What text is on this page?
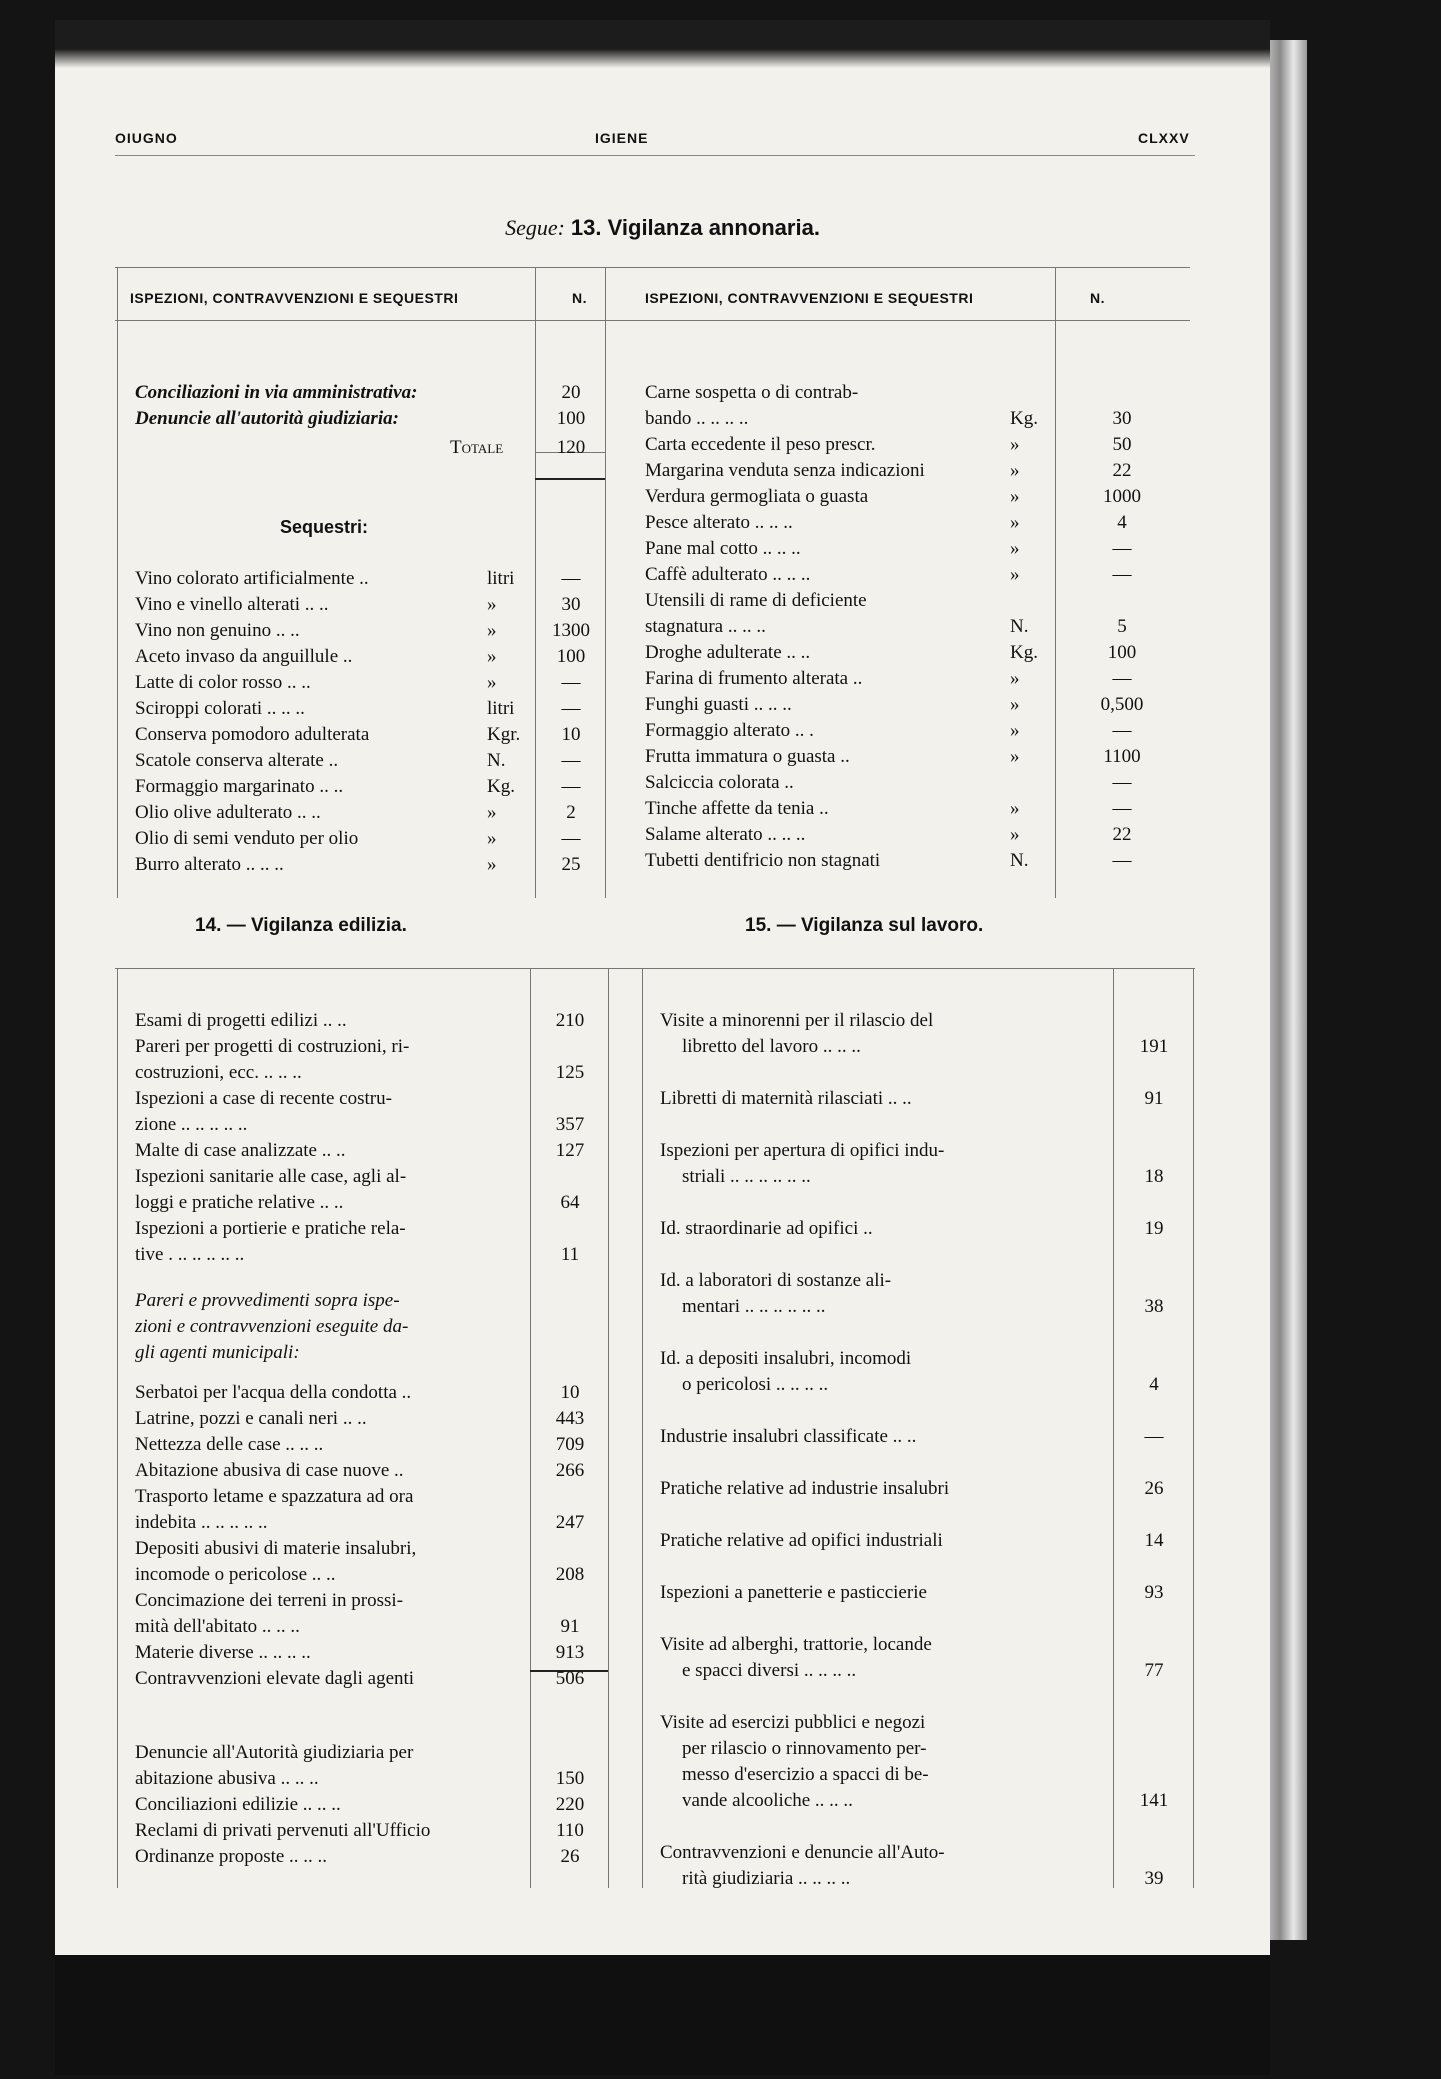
OIUGNO	IGIENE	CLXXV
Segue: 13. Vigilanza annonaria.
ISPEZIONI, CONTRAVVENZIONI E SEQUESTRI	N.	ISPEZIONI, CONTRAVVENZIONI E SEQUESTRI	N.
Conciliazioni in via amministrativa:	20
Denuncie all'autorità giudiziaria:	100
Totale	120
Sequestri:
Vino colorato artificialmente ..	litri	—
Vino e vinello alterati .. ..	»	30
Vino non genuino .. ..	»	1300
Aceto invaso da anguillule ..	»	100
Latte di color rosso .. ..	»	—
Sciroppi colorati .. .. ..	litri	—
Conserva pomodoro adulterata	Kgr.	10
Scatole conserva alterate ..	N.	—
Formaggio margarinato .. ..	Kg.	—
Olio olive adulterato .. ..	»	2
Olio di semi venduto per olio	»	—
Burro alterato .. .. ..	»	25
Carne sospetta o di contrab-
bando .. .. .. ..	Kg.	30
Carta eccedente il peso prescr.	»	50
Margarina venduta senza indicazioni	»	22
Verdura germogliata o guasta	»	1000
Pesce alterato .. .. ..	»	4
Pane mal cotto .. .. ..	»	—
Caffè adulterato .. .. ..	»	—
Utensili di rame di deficiente
stagnatura .. .. ..	N.	5
Droghe adulterate .. ..	Kg.	100
Farina di frumento alterata ..	»	—
Funghi guasti .. .. ..	»	0,500
Formaggio alterato .. .	»	—
Frutta immatura o guasta ..	»	1100
Salciccia colorata ..	—
Tinche affette da tenia ..	»	—
Salame alterato .. .. ..	»	22
Tubetti dentifricio non stagnati	N.	—
14. — Vigilanza edilizia.	15. — Vigilanza sul lavoro.
Esami di progetti edilizi .. ..	210
Pareri per progetti di costruzioni, ri-
costruzioni, ecc. .. .. ..	125
Ispezioni a case di recente costru-
zione .. .. .. .. ..	357
Malte di case analizzate .. ..	127
Ispezioni sanitarie alle case, agli al-
loggi e pratiche relative .. ..	64
Ispezioni a portierie e pratiche rela-
tive . .. .. .. .. ..	11
Pareri e provvedimenti sopra ispe-
zioni e contravvenzioni eseguite da-
gli agenti municipali:
Serbatoi per l'acqua della condotta ..	10
Latrine, pozzi e canali neri .. ..	443
Nettezza delle case .. .. ..	709
Abitazione abusiva di case nuove ..	266
Trasporto letame e spazzatura ad ora
indebita .. .. .. .. ..	247
Depositi abusivi di materie insalubri,
incomode o pericolose .. ..	208
Concimazione dei terreni in prossi-
mità dell'abitato .. .. ..	91
Materie diverse .. .. .. ..	913
Contravvenzioni elevate dagli agenti	506
Denuncie all'Autorità giudiziaria per
abitazione abusiva .. .. ..	150
Conciliazioni edilizie .. .. ..	220
Reclami di privati pervenuti all'Ufficio	110
Ordinanze proposte .. .. ..	26
Visite a minorenni per il rilascio del
libretto del lavoro .. .. ..	191
Libretti di maternità rilasciati .. ..	91
Ispezioni per apertura di opifici indu-
striali .. .. .. .. .. ..	18
Id. straordinarie ad opifici ..	19
Id. a laboratori di sostanze ali-
mentari .. .. .. .. .. ..	38
Id. a depositi insalubri, incomodi
o pericolosi .. .. .. ..	4
Industrie insalubri classificate .. ..	—
Pratiche relative ad industrie insalubri	26
Pratiche relative ad opifici industriali	14
Ispezioni a panetterie e pasticcierie	93
Visite ad alberghi, trattorie, locande
e spacci diversi .. .. .. ..	77
Visite ad esercizi pubblici e negozi
per rilascio o rinnovamento per-
messo d'esercizio a spacci di be-
vande alcooliche .. .. ..	141
Contravvenzioni e denuncie all'Auto-
rità giudiziaria .. .. .. ..	39
